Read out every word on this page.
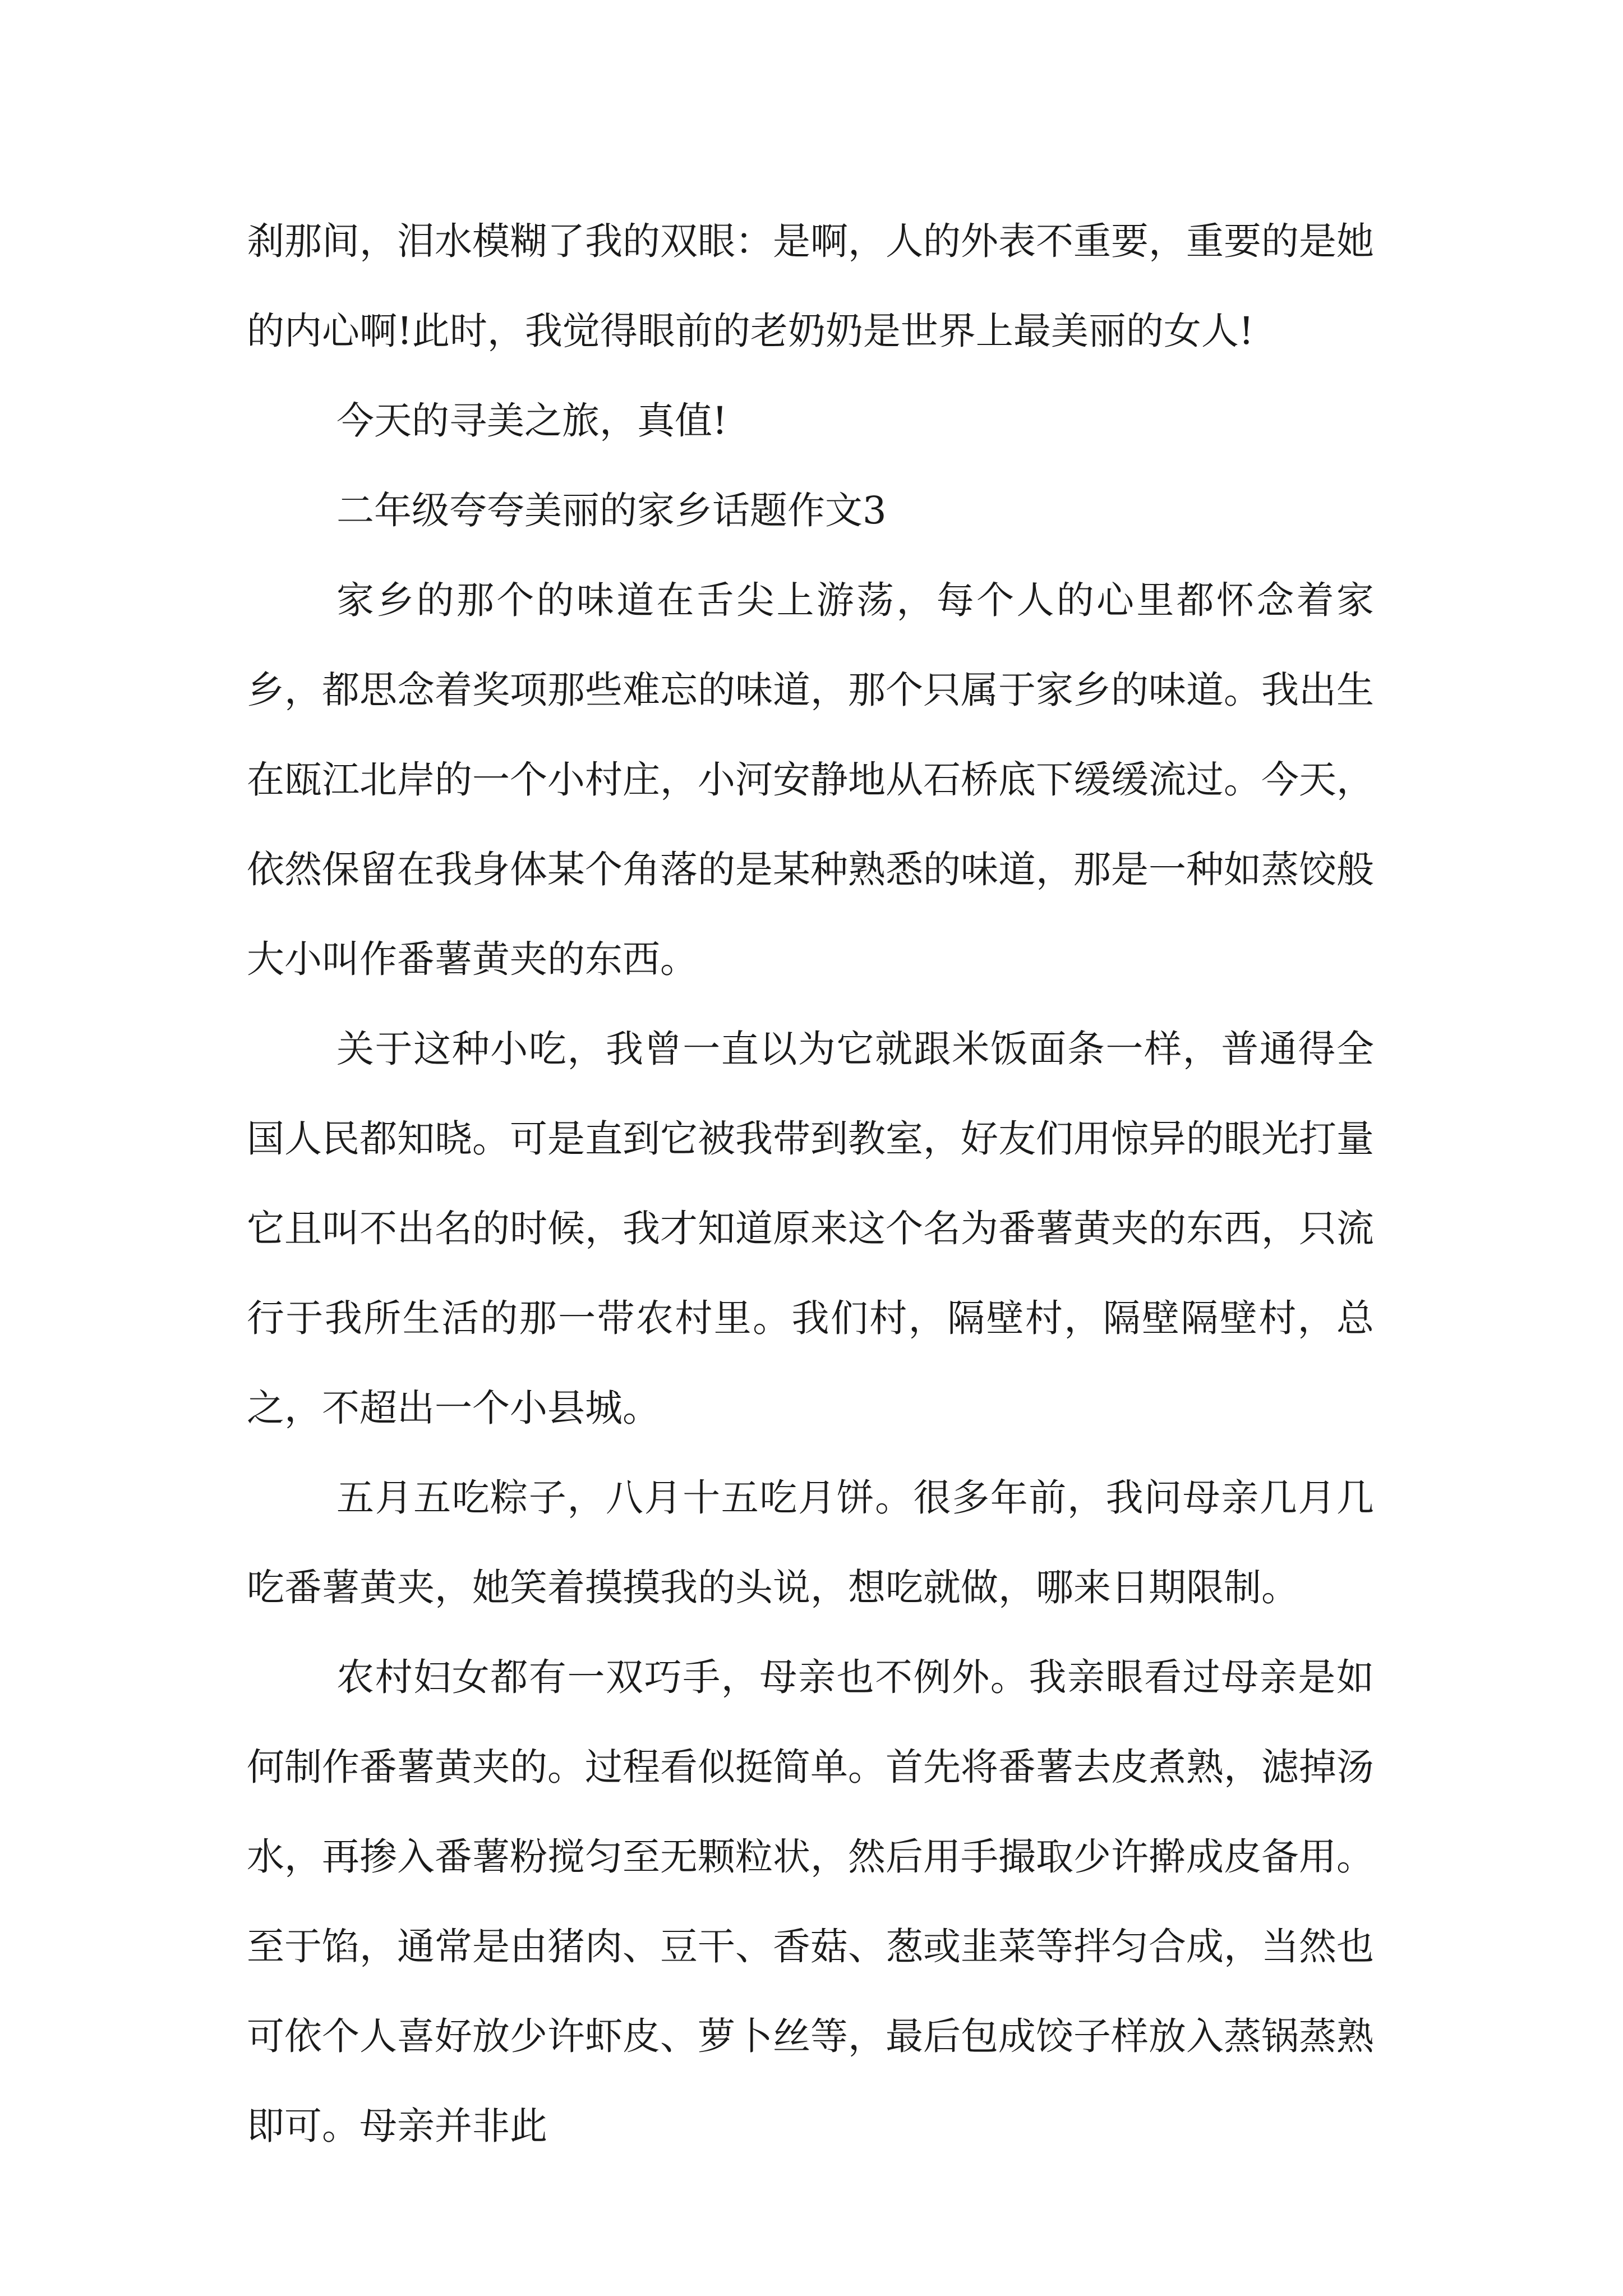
刹那间，泪水模糊了我的双眼：是啊，人的外表不重要，重要的是她的内心啊!此时，我觉得眼前的老奶奶是世界上最美丽的女人!

今天的寻美之旅，真值!

二年级夸夸美丽的家乡话题作文3

家乡的那个的味道在舌尖上游荡，每个人的心里都怀念着家乡，都思念着奖项那些难忘的味道，那个只属于家乡的味道。我出生在瓯江北岸的一个小村庄，小河安静地从石桥底下缓缓流过。今天，依然保留在我身体某个角落的是某种熟悉的味道，那是一种如蒸饺般大小叫作番薯黄夹的东西。

关于这种小吃，我曾一直以为它就跟米饭面条一样，普通得全国人民都知晓。可是直到它被我带到教室，好友们用惊异的眼光打量它且叫不出名的时候，我才知道原来这个名为番薯黄夹的东西，只流行于我所生活的那一带农村里。我们村，隔壁村，隔壁隔壁村，总之，不超出一个小县城。

五月五吃粽子，八月十五吃月饼。很多年前，我问母亲几月几吃番薯黄夹，她笑着摸摸我的头说，想吃就做，哪来日期限制。

农村妇女都有一双巧手，母亲也不例外。我亲眼看过母亲是如何制作番薯黄夹的。过程看似挺简单。首先将番薯去皮煮熟，滤掉汤水，再掺入番薯粉搅匀至无颗粒状，然后用手撮取少许擀成皮备用。至于馅，通常是由猪肉、豆干、香菇、葱或韭菜等拌匀合成，当然也可依个人喜好放少许虾皮、萝卜丝等，最后包成饺子样放入蒸锅蒸熟即可。母亲并非此
